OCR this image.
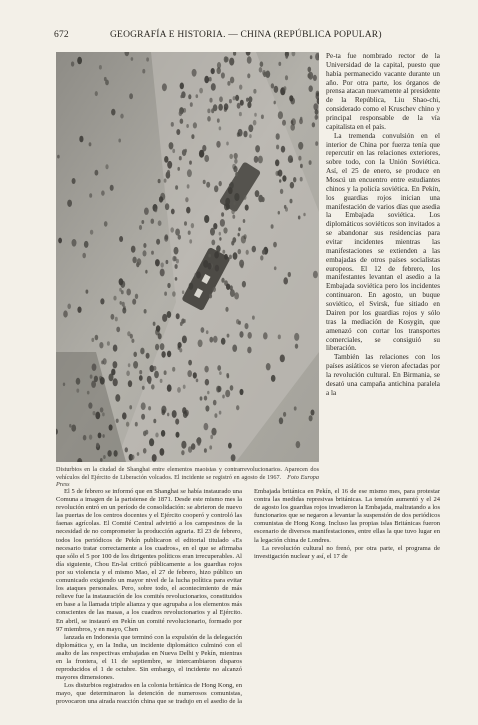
672	GEOGRAFÍA E HISTORIA. — CHINA (REPÚBLICA POPULAR)
Disturbios en la ciudad de Shanghai entre elementos maoistas y contrarrevolucionarios. Aparecen dos vehículos del Ejército de Liberación volcados. El incidente se registró en agosto de 1967. Foto Europa Press

Pe-ta fue nombrado rector de la Universidad de la capital, puesto que había permanecido vacante durante un año. Por otra parte, los órganos de prensa atacan nuevamente al presidente de la República, Liu Shao-chi, considerado como el Kruschev chino y principal responsable de la vía capitalista en el país.

La tremenda convulsión en el interior de China por fuerza tenía que repercutir en las relaciones exteriores, sobre todo, con la Unión Soviética. Así, el 25 de enero, se produce en Moscú un encuentro entre estudiantes chinos y la policía soviética. En Pekín, los guardias rojos inician una manifestación de varios días que asedia la Embajada soviética. Los diplomáticos soviéticos son invitados a se abandonar sus residencias para evitar incidentes mientras las manifestaciones se extienden a las embajadas de otros países socialistas europeos. El 12 de febrero, los manifestantes levantan el asedio a la Embajada soviética pero los incidentes continuaron. En agosto, un buque soviético, el Svirsk, fue sitiado en Dairen por los guardias rojos y sólo tras la mediación de Kosygin, que amenazó con cortar los transportes comerciales, se consiguió su liberación.

También las relaciones con los países asiáticos se vieron afectadas por la revolución cultural. En Birmania, se desató una campaña antichina paralela a la

El 5 de febrero se informó que en Shanghai se había instaurado una Comuna a imagen de la parisiense de 1871. Desde este mismo mes la revolución entró en un período de consolidación: se abrieron de nuevo las puertas de los centros docentes y el Ejército cooperó y controló las faenas agrícolas. El Comité Central advirtió a los campesinos de la necesidad de no comprometer la producción agraria. El 23 de febrero, todos los periódicos de Pekín publicaron el editorial titulado «Es necesario tratar correctamente a los cuadros», en el que se afirmaba que sólo el 5 por 100 de los dirigentes políticos eran irrecuperables. Al día siguiente, Chou En-lai criticó públicamente a los guardias rojos por su violencia y el mismo Mao, el 27 de febrero, hizo público un comunicado exigiendo un mayor nivel de la lucha política para evitar los ataques personales. Pero, sobre todo, el acontecimiento de más relieve fue la instauración de los comités revolucionarios, constituidos en base a la llamada triple alianza y que agrupaba a los elementos más conscientes de las masas, a los cuadros revolucionarios y al Ejército. En abril, se instauró en Pekín un comité revolucionario, formado por 97 miembros, y en mayo, Chen

lanzada en Indonesia que terminó con la expulsión de la delegación diplomática y, en la India, un incidente diplomático culminó con el asalto de las respectivas embajadas en Nueva Delhi y Pekín, mientras en la frontera, el 11 de septiembre, se intercambiaron disparos reproducidos el 1 de octubre. Sin embargo, el incidente no alcanzó mayores dimensiones.

Los disturbios registrados en la colonia británica de Hong Kong, en mayo, que determinaron la detención de numerosos comunistas, provocaron una airada reacción china que se tradujo en el asedio de la Embajada británica en Pekín, el 16 de ese mismo mes, para protestar contra las medidas represivas británicas. La tensión aumentó y el 24 de agosto los guardias rojos invadieron la Embajada, maltratando a los funcionarios que se negaron a levantar la suspensión de dos periódicos comunistas de Hong Kong. Incluso las propias islas Británicas fueron escenario de diversos manifestaciones, entre ellas la que tuvo lugar en la legación china de Londres.

La revolución cultural no frenó, por otra parte, el programa de investigación nuclear y así, el 17 de
